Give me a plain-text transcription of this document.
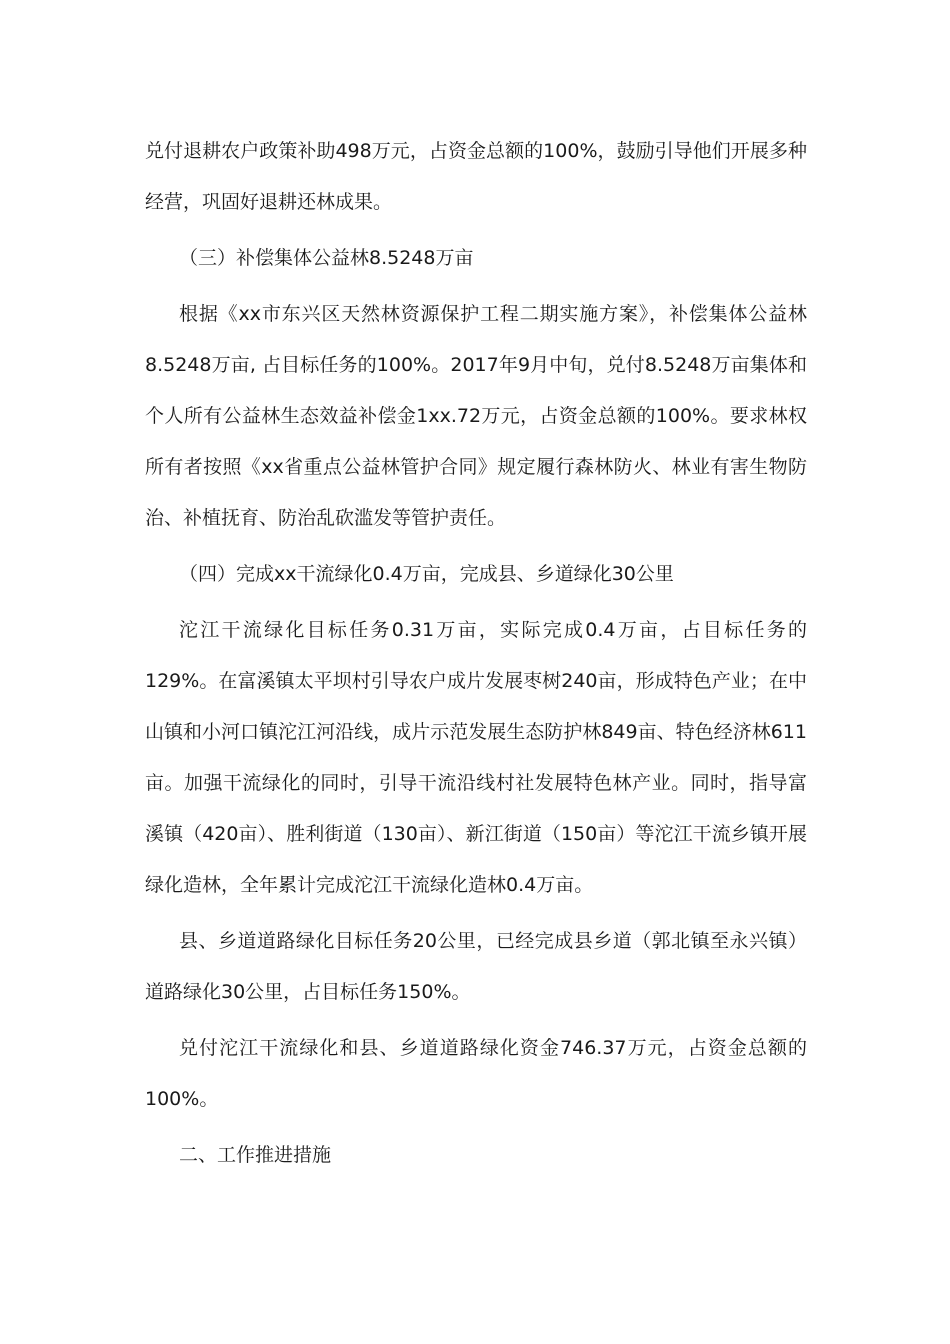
兑付退耕农户政策补助498万元，占资金总额的100%，鼓励引导他们开展多种经营，巩固好退耕还林成果。

（三）补偿集体公益林8.5248万亩

根据《xx市东兴区天然林资源保护工程二期实施方案》，补偿集体公益林8.5248万亩, 占目标任务的100%。2017年9月中旬，兑付8.5248万亩集体和个人所有公益林生态效益补偿金1xx.72万元，占资金总额的100%。要求林权所有者按照《xx省重点公益林管护合同》规定履行森林防火、林业有害生物防治、补植抚育、防治乱砍滥发等管护责任。

（四）完成xx干流绿化0.4万亩，完成县、乡道绿化30公里

沱江干流绿化目标任务0.31万亩，实际完成0.4万亩，占目标任务的129%。在富溪镇太平坝村引导农户成片发展枣树240亩，形成特色产业；在中山镇和小河口镇沱江河沿线，成片示范发展生态防护林849亩、特色经济林611亩。加强干流绿化的同时，引导干流沿线村社发展特色林产业。同时，指导富溪镇（420亩）、胜利街道（130亩）、新江街道（150亩）等沱江干流乡镇开展绿化造林，全年累计完成沱江干流绿化造林0.4万亩。

县、乡道道路绿化目标任务20公里，已经完成县乡道（郭北镇至永兴镇）道路绿化30公里，占目标任务150%。

兑付沱江干流绿化和县、乡道道路绿化资金746.37万元，占资金总额的100%。

二、工作推进措施
